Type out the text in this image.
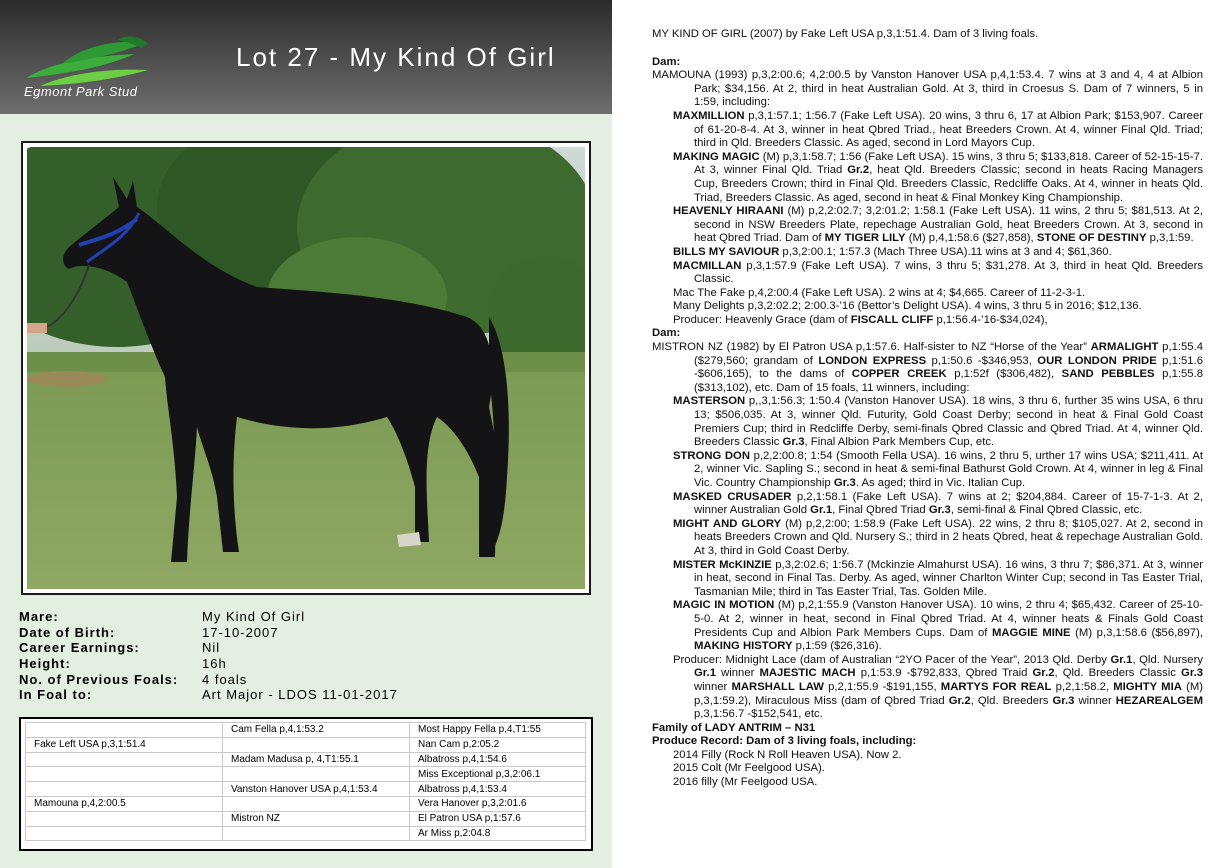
Egmont Park Stud
Lot 27 - My Kind Of Girl
Mare:	My Kind Of Girl
Date of Birth:	17-10-2007
Career Earnings:	Nil
Height:	16h
No. of Previous Foals: 4 foals
In Foal to:	Art Major - LDOS 11-01-2017
	Cam Fella p,4,1:53.2	Most Happy Fella p,4,T1:55
Fake Left USA p,3,1:51.4		Nan Cam p,2:05.2
	Madam Madusa p, 4,T1:55.1	Albatross p,4,1:54.6
		Miss Exceptional p,3,2:06.1
	Vanston Hanover USA p,4,1:53.4	Albatross p,4,1:53.4
Mamouna p,4,2:00.5		Vera Hanover p,3,2:01.6
	Mistron NZ	El Patron USA p,1:57.6
		Ar Miss p,2:04.8

MY KIND OF GIRL (2007) by Fake Left USA p,3,1:51.4. Dam of 3 living foals.

Dam:

MAMOUNA (1993) p,3,2:00.6; 4,2:00.5 by Vanston Hanover USA p,4,1:53.4. 7 wins at 3 and 4, 4 at Albion Park; $34,156. At 2, third in heat Australian Gold. At 3, third in Croesus S. Dam of 7 winners, 5 in 1:59, including:

MAXMILLION p,3,1:57.1; 1:56.7 (Fake Left USA). 20 wins, 3 thru 6, 17 at Albion Park; $153,907. Career of 61-20-8-4. At 3, winner in heat Qbred Triad., heat Breeders Crown. At 4, winner Final Qld. Triad; third in Qld. Breeders Classic. As aged, second in Lord Mayors Cup.

MAKING MAGIC (M) p,3,1:58.7; 1:56 (Fake Left USA). 15 wins, 3 thru 5; $133,818. Career of 52-15-15-7. At 3, winner Final Qld. Triad Gr.2, heat Qld. Breeders Classic; second in heats Racing Managers Cup, Breeders Crown; third in Final Qld. Breeders Classic, Redcliffe Oaks. At 4, winner in heats Qld. Triad, Breeders Classic. As aged, second in heat & Final Monkey King Championship.

HEAVENLY HIRAANI (M) p,2,2:02.7; 3,2:01.2; 1:58.1 (Fake Left USA). 11 wins, 2 thru 5; $81,513. At 2, second in NSW Breeders Plate, repechage Australian Gold, heat Breeders Crown. At 3, second in heat Qbred Triad. Dam of MY TIGER LILY (M) p,4,1:58.6 ($27,858), STONE OF DESTINY p,3,1:59.

BILLS MY SAVIOUR p,3,2:00.1; 1:57.3 (Mach Three USA).11 wins at 3 and 4; $61,360.

MACMILLAN p,3,1:57.9 (Fake Left USA). 7 wins, 3 thru 5; $31,278. At 3, third in heat Qld. Breeders Classic.

Mac The Fake p,4,2:00.4 (Fake Left USA). 2 wins at 4; $4,665. Career of 11-2-3-1.

Many Delights p,3,2:02.2; 2:00.3-’16 (Bettor’s Delight USA). 4 wins, 3 thru 5 in 2016; $12,136.

Producer: Heavenly Grace (dam of FISCALL CLIFF p,1:56.4-’16-$34,024),

Dam:

MISTRON NZ (1982) by El Patron USA p,1:57.6. Half-sister to NZ “Horse of the Year” ARMALIGHT p,1:55.4 ($279,560; grandam of LONDON EXPRESS p,1:50.6 -$346,953, OUR LONDON PRIDE p,1:51.6 -$606,165), to the dams of COPPER CREEK p,1:52f ($306,482), SAND PEBBLES p,1:55.8 ($313,102), etc. Dam of 15 foals, 11 winners, including:

MASTERSON p,,3,1:56.3; 1:50.4 (Vanston Hanover USA). 18 wins, 3 thru 6, further 35 wins USA, 6 thru 13; $506,035. At 3, winner Qld. Futurity, Gold Coast Derby; second in heat & Final Gold Coast Premiers Cup; third in Redcliffe Derby, semi-finals Qbred Classic and Qbred Triad. At 4, winner Qld. Breeders Classic Gr.3, Final Albion Park Members Cup, etc.

STRONG DON p,2,2:00.8; 1:54 (Smooth Fella USA). 16 wins, 2 thru 5, urther 17 wins USA; $211,411. At 2, winner Vic. Sapling S.; second in heat & semi-final Bathurst Gold Crown. At 4, winner in leg & Final Vic. Country Championship Gr.3. As aged; third in Vic. Italian Cup.

MASKED CRUSADER p,2,1:58.1 (Fake Left USA). 7 wins at 2; $204,884. Career of 15-7-1-3. At 2, winner Australian Gold Gr.1, Final Qbred Triad Gr.3, semi-final & Final Qbred Classic, etc.

MIGHT AND GLORY (M) p,2,2:00; 1:58.9 (Fake Left USA). 22 wins, 2 thru 8; $105,027. At 2, second in heats Breeders Crown and Qld. Nursery S.; third in 2 heats Qbred, heat & repechage Australian Gold. At 3, third in Gold Coast Derby.

MISTER McKINZIE p,3,2:02.6; 1:56.7 (Mckinzie Almahurst USA). 16 wins, 3 thru 7; $86,371. At 3, winner in heat, second in Final Tas. Derby. As aged, winner Charlton Winter Cup; second in Tas Easter Trial, Tasmanian Mile; third in Tas Easter Trial, Tas. Golden Mile.

MAGIC IN MOTION (M) p,2,1:55.9 (Vanston Hanover USA). 10 wins, 2 thru 4; $65,432. Career of 25-10-5-0. At 2, winner in heat, second in Final Qbred Triad. At 4, winner heats & Finals Gold Coast Presidents Cup and Albion Park Members Cups. Dam of MAGGIE MINE (M) p,3,1:58.6 ($56,897), MAKING HISTORY p,1:59 ($26,316).

Producer: Midnight Lace (dam of Australian “2YO Pacer of the Year”, 2013 Qld. Derby Gr.1, Qld. Nursery Gr.1 winner MAJESTIC MACH p,1:53.9 -$792,833, Qbred Traid Gr.2, Qld. Breeders Classic Gr.3 winner MARSHALL LAW p,2,1:55.9 -$191,155, MARTYS FOR REAL p,2,1:58.2, MIGHTY MIA (M) p,3,1:59.2), Miraculous Miss (dam of Qbred Triad Gr.2, Qld. Breeders Gr.3 winner HEZAREALGEM p,3,1:56.7 -$152,541, etc.

Family of LADY ANTRIM – N31

Produce Record: Dam of 3 living foals, including:

2014 Filly (Rock N Roll Heaven USA). Now 2.

2015 Colt (Mr Feelgood USA).

2016 filly (Mr Feelgood USA.
